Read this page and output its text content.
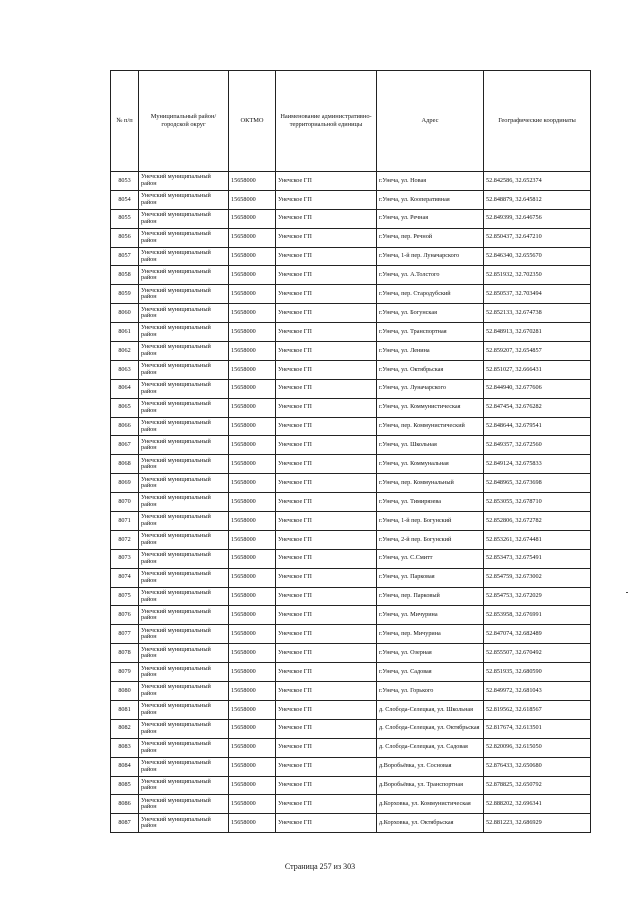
№ п/п	Муниципальный район/городской округ	ОКТМО	Наименование административно-территориальной единицы	Адрес	Географические координаты
8053	Унечский муниципальный район	15658000	Унечское ГП	г.Унеча, ул. Новая	52.842586, 32.652374
8054	Унечский муниципальный район	15658000	Унечское ГП	г.Унеча, ул. Кооперативная	52.848879, 32.645812
8055	Унечский муниципальный район	15658000	Унечское ГП	г.Унеча, ул. Речная	52.849399, 32.646756
8056	Унечский муниципальный район	15658000	Унечское ГП	г.Унеча, пер. Речной	52.850437, 32.647210
8057	Унечский муниципальный район	15658000	Унечское ГП	г.Унеча, 1-й пер. Луначарского	52.846340, 32.655670
8058	Унечский муниципальный район	15658000	Унечское ГП	г.Унеча, ул. А.Толстого	52.851932, 32.702350
8059	Унечский муниципальный район	15658000	Унечское ГП	г.Унеча, пер. Стародубский	52.850537, 32.703494
8060	Унечский муниципальный район	15658000	Унечское ГП	г.Унеча, ул. Богунская	52.852133, 32.674738
8061	Унечский муниципальный район	15658000	Унечское ГП	г.Унеча, ул. Транспортная	52.848913, 32.670281
8062	Унечский муниципальный район	15658000	Унечское ГП	г.Унеча, ул. Ленина	52.859207, 32.654857
8063	Унечский муниципальный район	15658000	Унечское ГП	г.Унеча, ул. Октябрьская	52.851027, 32.666431
8064	Унечский муниципальный район	15658000	Унечское ГП	г.Унеча, ул. Луначарского	52.844940, 32.677606
8065	Унечский муниципальный район	15658000	Унечское ГП	г.Унеча, ул. Коммунистическая	52.847454, 32.676282
8066	Унечский муниципальный район	15658000	Унечское ГП	г.Унеча, пер. Коммунистический	52.848644, 32.679541
8067	Унечский муниципальный район	15658000	Унечское ГП	г.Унеча, ул. Школьная	52.849357, 32.672560
8068	Унечский муниципальный район	15658000	Унечское ГП	г.Унеча, ул. Коммунальная	52.849124, 32.675833
8069	Унечский муниципальный район	15658000	Унечское ГП	г.Унеча, пер. Коммунальный	52.848965, 32.673698
8070	Унечский муниципальный район	15658000	Унечское ГП	г.Унеча, ул. Тимирязева	52.853055, 32.678710
8071	Унечский муниципальный район	15658000	Унечское ГП	г.Унеча, 1-й пер. Богунский	52.852806, 32.672782
8072	Унечский муниципальный район	15658000	Унечское ГП	г.Унеча, 2-й пер. Богунский	52.853261, 32.674481
8073	Унечский муниципальный район	15658000	Унечское ГП	г.Унеча, ул. С.Смитт	52.853473, 32.675491
8074	Унечский муниципальный район	15658000	Унечское ГП	г.Унеча, ул. Парковая	52.854759, 32.673002
8075	Унечский муниципальный район	15658000	Унечское ГП	г.Унеча, пер. Парковый	52.854753, 32.672029
8076	Унечский муниципальный район	15658000	Унечское ГП	г.Унеча, ул. Мичурина	52.853958, 32.676991
8077	Унечский муниципальный район	15658000	Унечское ГП	г.Унеча, пер. Мичурина	52.847074, 32.682489
8078	Унечский муниципальный район	15658000	Унечское ГП	г.Унеча, ул. Озерная	52.855507, 32.670492
8079	Унечский муниципальный район	15658000	Унечское ГП	г.Унеча, ул. Садовая	52.851935, 32.680590
8080	Унечский муниципальный район	15658000	Унечское ГП	г.Унеча, ул. Горького	52.849972, 32.681043
8081	Унечский муниципальный район	15658000	Унечское ГП	д. Слобода-Селецкая, ул. Школьная	52.819562, 32.618567
8082	Унечский муниципальный район	15658000	Унечское ГП	д. Слобода-Селецкая, ул. Октябрьская	52.817674, 32.613501
8083	Унечский муниципальный район	15658000	Унечское ГП	д. Слобода-Селецкая, ул. Садовая	52.820096, 32.615050
8084	Унечский муниципальный район	15658000	Унечское ГП	д.Воробьёвка, ул. Сосновая	52.876433, 32.650680
8085	Унечский муниципальный район	15658000	Унечское ГП	д.Воробьёвка, ул. Транспортная	52.878825, 32.650792
8086	Унечский муниципальный район	15658000	Унечское ГП	д.Корховка, ул. Коммунистическая	52.888202, 32.696341
8087	Унечский муниципальный район	15658000	Унечское ГП	д.Корховка, ул. Октябрьская	52.881223, 32.686929
Страница 257 из 303
